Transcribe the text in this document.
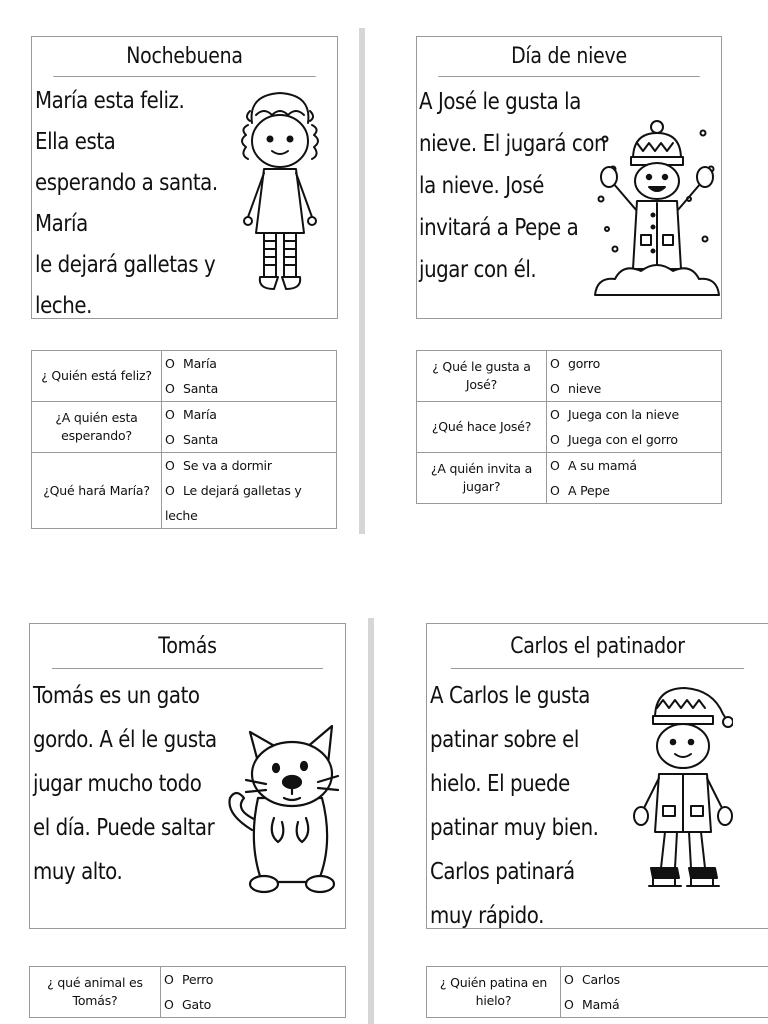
Nochebuena
María esta feliz.
Ella esta
esperando a santa.
María
le dejará galletas y
leche.
Día de nieve
A José le gusta la
nieve. El jugará con
la nieve. José
invitará a Pepe a
jugar con él.
¿ Quién está feliz?	O María
O Santa

¿A quién esta esperando?	O María
O Santa

¿Qué hará María?	O Se va a dormir
O Le dejará galletas y
leche
¿ Qué le gusta a José?	O gorro
O nieve

¿Qué hace José?	O Juega con la nieve
O Juega con el gorro

¿A quién invita a jugar?	O A su mamá
O A Pepe
Tomás
Tomás es un gato
gordo. A él le gusta
jugar mucho todo
el día. Puede saltar
muy alto.
Carlos el patinador
A Carlos le gusta
patinar sobre el
hielo. El puede
patinar muy bien.
Carlos patinará
muy rápido.
¿ qué animal es Tomás?	
O Perro
O Gato
¿ Quién patina en hielo?	
O Carlos
O Mamá
